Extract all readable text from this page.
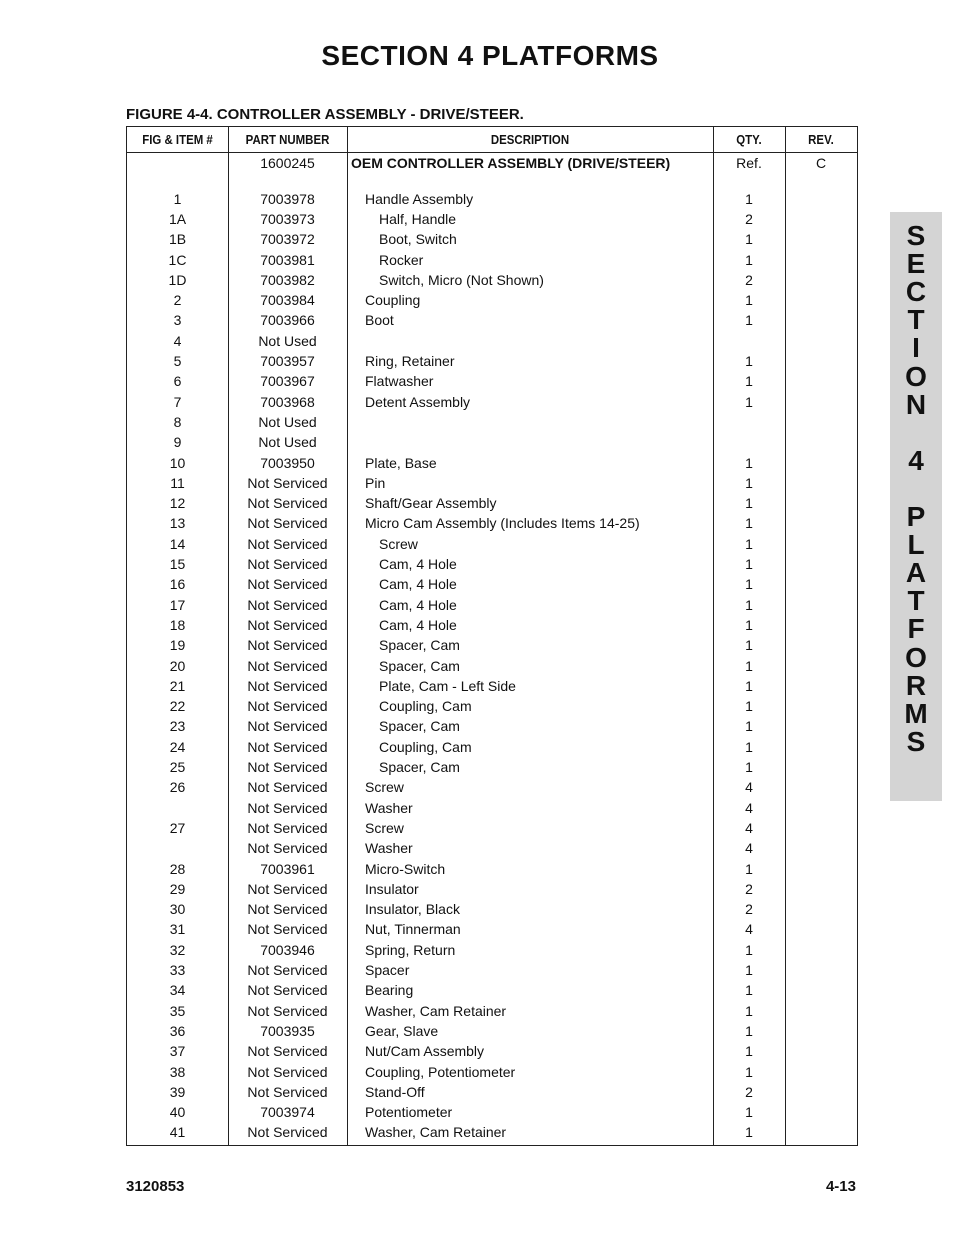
SECTION 4 PLATFORMS
FIGURE 4-4. CONTROLLER ASSEMBLY - DRIVE/STEER.
FIG & ITEM #	PART NUMBER	DESCRIPTION	QTY.	REV.
1600245	OEM CONTROLLER ASSEMBLY (DRIVE/STEER)	Ref.	C
1	7003978	Handle Assembly	1
1A	7003973	Half, Handle	2
1B	7003972	Boot, Switch	1
1C	7003981	Rocker	1
1D	7003982	Switch, Micro (Not Shown)	2
2	7003984	Coupling	1
3	7003966	Boot	1
4	Not Used
5	7003957	Ring, Retainer	1
6	7003967	Flatwasher	1
7	7003968	Detent Assembly	1
8	Not Used
9	Not Used
10	7003950	Plate, Base	1
11	Not Serviced	Pin	1
12	Not Serviced	Shaft/Gear Assembly	1
13	Not Serviced	Micro Cam Assembly (Includes Items 14-25)	1
14	Not Serviced	Screw	1
15	Not Serviced	Cam, 4 Hole	1
16	Not Serviced	Cam, 4 Hole	1
17	Not Serviced	Cam, 4 Hole	1
18	Not Serviced	Cam, 4 Hole	1
19	Not Serviced	Spacer, Cam	1
20	Not Serviced	Spacer, Cam	1
21	Not Serviced	Plate, Cam - Left Side	1
22	Not Serviced	Coupling, Cam	1
23	Not Serviced	Spacer, Cam	1
24	Not Serviced	Coupling, Cam	1
25	Not Serviced	Spacer, Cam	1
26	Not Serviced	Screw	4
Not Serviced	Washer	4
27	Not Serviced	Screw	4
Not Serviced	Washer	4
28	7003961	Micro-Switch	1
29	Not Serviced	Insulator	2
30	Not Serviced	Insulator, Black	2
31	Not Serviced	Nut, Tinnerman	4
32	7003946	Spring, Return	1
33	Not Serviced	Spacer	1
34	Not Serviced	Bearing	1
35	Not Serviced	Washer, Cam Retainer	1
36	7003935	Gear, Slave	1
37	Not Serviced	Nut/Cam Assembly	1
38	Not Serviced	Coupling, Potentiometer	1
39	Not Serviced	Stand-Off	2
40	7003974	Potentiometer	1
41	Not Serviced	Washer, Cam Retainer	1
S
E
C
T
I
O
N
4
P
L
A
T
F
O
R
M
S
3120853	4-13
